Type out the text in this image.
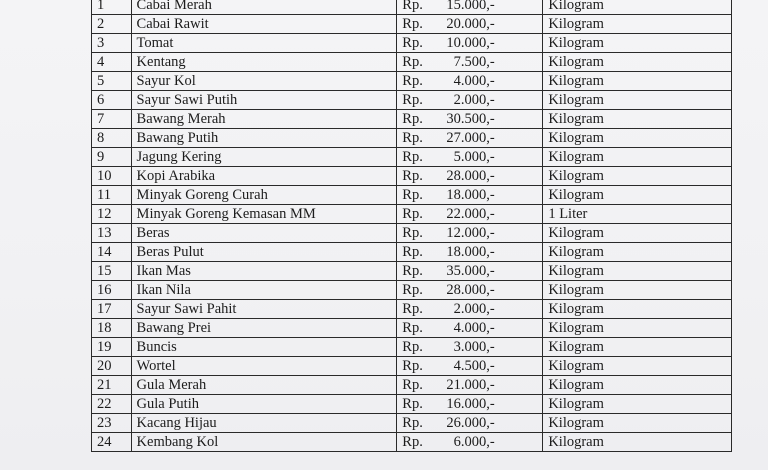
1	Cabai Merah	Rp. 15.000,-	Kilogram
2	Cabai Rawit	Rp. 20.000,-	Kilogram
3	Tomat	Rp. 10.000,-	Kilogram
4	Kentang	Rp. 7.500,-	Kilogram
5	Sayur Kol	Rp. 4.000,-	Kilogram
6	Sayur Sawi Putih	Rp. 2.000,-	Kilogram
7	Bawang Merah	Rp. 30.500,-	Kilogram
8	Bawang Putih	Rp. 27.000,-	Kilogram
9	Jagung Kering	Rp. 5.000,-	Kilogram
10	Kopi Arabika	Rp. 28.000,-	Kilogram
11	Minyak Goreng Curah	Rp. 18.000,-	Kilogram
12	Minyak Goreng Kemasan MM	Rp. 22.000,-	1 Liter
13	Beras	Rp. 12.000,-	Kilogram
14	Beras Pulut	Rp. 18.000,-	Kilogram
15	Ikan Mas	Rp. 35.000,-	Kilogram
16	Ikan Nila	Rp. 28.000,-	Kilogram
17	Sayur Sawi Pahit	Rp. 2.000,-	Kilogram
18	Bawang Prei	Rp. 4.000,-	Kilogram
19	Buncis	Rp. 3.000,-	Kilogram
20	Wortel	Rp. 4.500,-	Kilogram
21	Gula Merah	Rp. 21.000,-	Kilogram
22	Gula Putih	Rp. 16.000,-	Kilogram
23	Kacang Hijau	Rp. 26.000,-	Kilogram
24	Kembang Kol	Rp. 6.000,-	Kilogram
